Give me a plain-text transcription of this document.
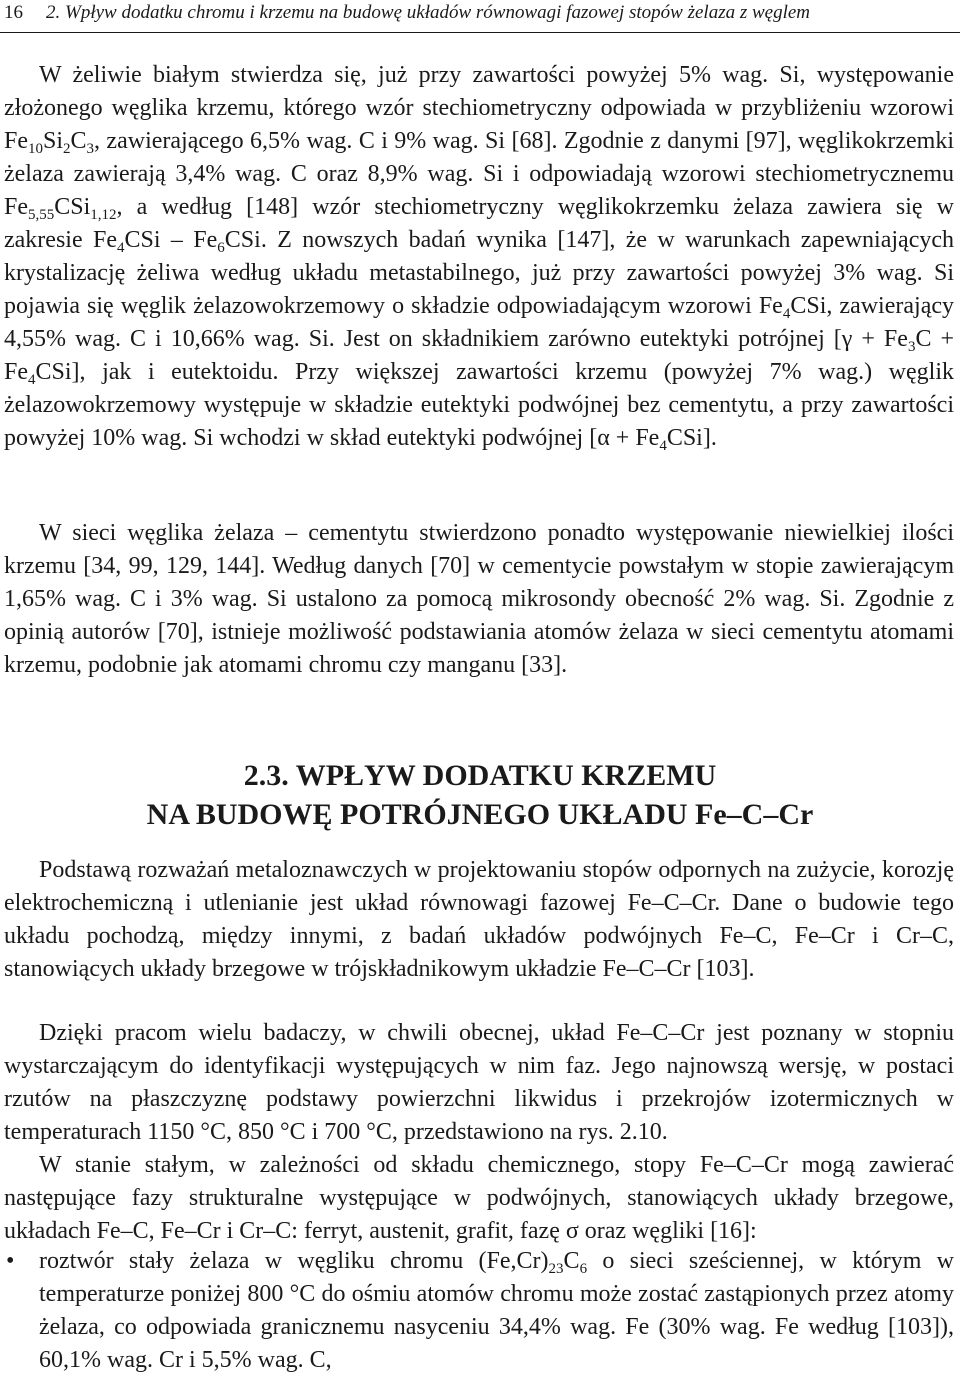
16 2. Wpływ dodatku chromu i krzemu na budowę układów równowagi fazowej stopów żelaza z węglem

W żeliwie białym stwierdza się, już przy zawartości powyżej 5% wag. Si, występowanie złożonego węglika krzemu, którego wzór stechiometryczny odpowiada w przybliżeniu wzorowi $Fe_{10}Si_2C_3$, zawierającego 6,5% wag. C i 9% wag. Si [68]. Zgodnie z danymi [97], węglikokrzemki żelaza zawierają 3,4% wag. C oraz 8,9% wag. Si i odpowiadają wzorowi stechiometrycznemu $Fe_{5,55}CSi_{1,12}$, a według [148] wzór stechiometryczny węglikokrzemku żelaza zawiera się w zakresie $Fe_4CSi - Fe_6CSi$. Z nowszych badań wynika [147], że w warunkach zapewniających krystalizację żeliwa według układu metastabilnego, już przy zawartości powyżej 3% wag. Si pojawia się węglik żelazowokrzemowy o składzie odpowiadającym wzorowi $Fe_4CSi$, zawierający 4,55% wag. C i 10,66% wag. Si. Jest on składnikiem zarówno eutektyki potrójnej $[\gamma + Fe_3C + Fe_4CSi]$, jak i eutektoidu. Przy większej zawartości krzemu (powyżej 7% wag.) węglik żelazowokrzemowy występuje w składzie eutektyki podwójnej bez cementytu, a przy zawartości powyżej 10% wag. Si wchodzi w skład eutektyki podwójnej $[\alpha + Fe_4CSi]$.

W sieci węglika żelaza – cementytu stwierdzono ponadto występowanie niewielkiej ilości krzemu [34, 99, 129, 144]. Według danych [70] w cementycie powstałym w stopie zawierającym 1,65% wag. C i 3% wag. Si ustalono za pomocą mikrosondy obecność 2% wag. Si. Zgodnie z opinią autorów [70], istnieje możliwość podstawiania atomów żelaza w sieci cementytu atomami krzemu, podobnie jak atomami chromu czy manganu [33].

2.3. WPŁYW DODATKU KRZEMU
NA BUDOWĘ POTRÓJNEGO UKŁADU Fe–C–Cr

Podstawą rozważań metaloznawczych w projektowaniu stopów odpornych na zużycie, korozję elektrochemiczną i utlenianie jest układ równowagi fazowej Fe–C–Cr. Dane o budowie tego układu pochodzą, między innymi, z badań układów podwójnych Fe–C, Fe–Cr i Cr–C, stanowiących układy brzegowe w trójskładnikowym układzie Fe–C–Cr [103].

Dzięki pracom wielu badaczy, w chwili obecnej, układ Fe–C–Cr jest poznany w stopniu wystarczającym do identyfikacji występujących w nim faz. Jego najnowszą wersję, w postaci rzutów na płaszczyznę podstawy powierzchni likwidus i przekrojów izotermicznych w temperaturach 1150 °C, 850 °C i 700 °C, przedstawiono na rys. 2.10.

W stanie stałym, w zależności od składu chemicznego, stopy Fe–C–Cr mogą zawierać następujące fazy strukturalne występujące w podwójnych, stanowiących układy brzegowe, układach Fe–C, Fe–Cr i Cr–C: ferryt, austenit, grafit, fazę σ oraz węgliki [16]:

• roztwór stały żelaza w węgliku chromu $(Fe,Cr)_{23}C_6$ o sieci sześciennej, w którym w temperaturze poniżej 800 °C do ośmiu atomów chromu może zostać zastąpionych przez atomy żelaza, co odpowiada granicznemu nasyceniu 34,4% wag. Fe (30% wag. Fe według [103]), 60,1% wag. Cr i 5,5% wag. C,
